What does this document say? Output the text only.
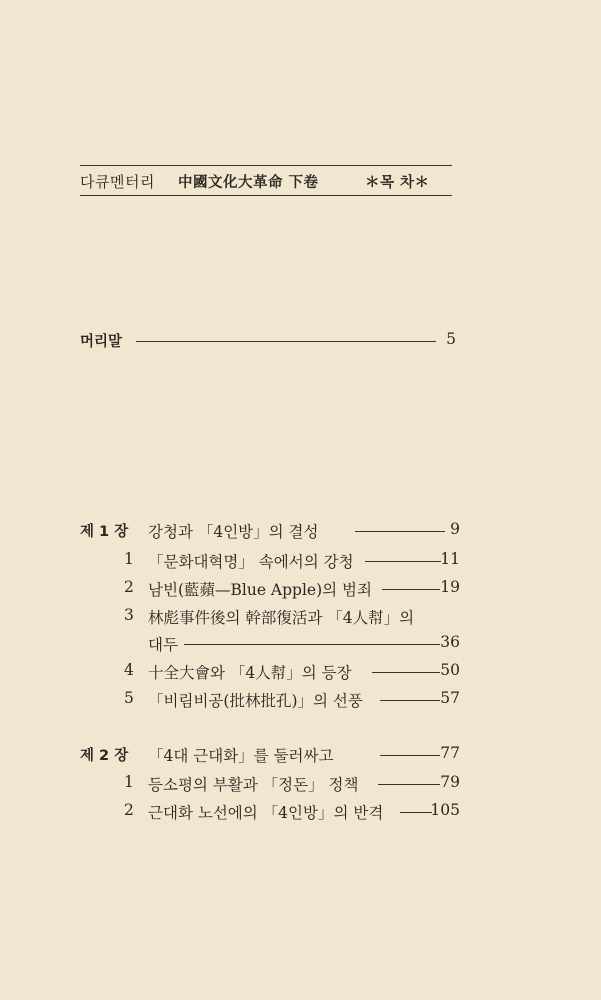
다큐멘터리 中國文化大革命 下卷	＊목 차＊
머리말	5
제 1 장 강청과 「4인방」의 결성	9
1 「문화대혁명」 속에서의 강청	11
2 남빈(藍蘋—Blue Apple)의 범죄	19
3 林彪事件後의 幹部復活과 「4人幇」의
대두	36
4 十全大會와 「4人幇」의 등장	50
5 「비림비공(批林批孔)」의 선풍	57
제 2 장 「4대 근대화」를 둘러싸고	77
1 등소평의 부활과 「정돈」 정책	79
2 근대화 노선에의 「4인방」의 반격	105
